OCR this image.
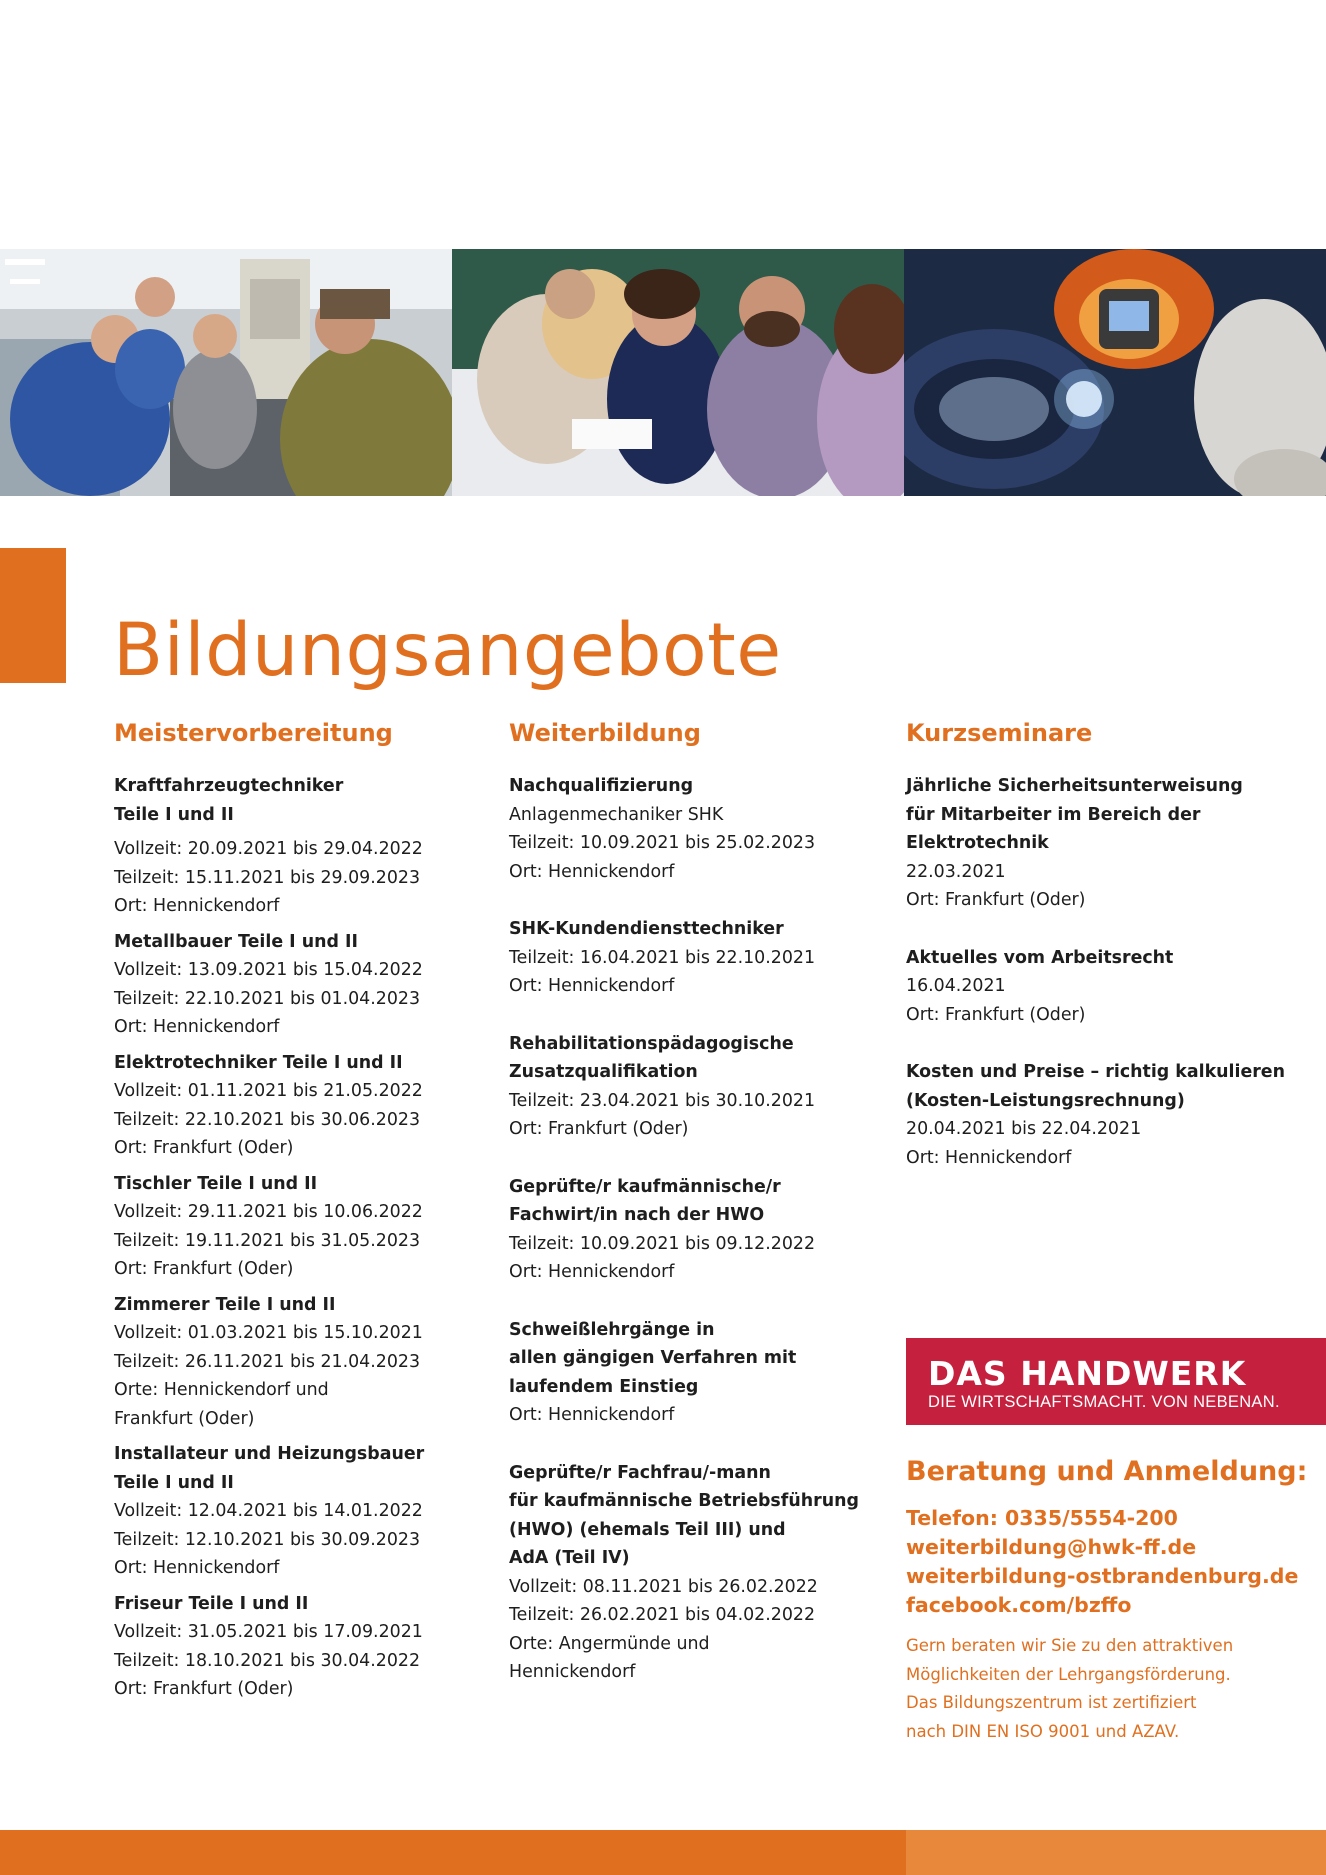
Bildungsangebote
Meistervorbereitung
Kraftfahrzeugtechniker
Teile I und II
Vollzeit: 20.09.2021 bis 29.04.2022
Teilzeit: 15.11.2021 bis 29.09.2023
Ort: Hennickendorf
Metallbauer Teile I und II
Vollzeit: 13.09.2021 bis 15.04.2022
Teilzeit: 22.10.2021 bis 01.04.2023
Ort: Hennickendorf
Elektrotechniker Teile I und II
Vollzeit: 01.11.2021 bis 21.05.2022
Teilzeit: 22.10.2021 bis 30.06.2023
Ort: Frankfurt (Oder)
Tischler Teile I und II
Vollzeit: 29.11.2021 bis 10.06.2022
Teilzeit: 19.11.2021 bis 31.05.2023
Ort: Frankfurt (Oder)
Zimmerer Teile I und II
Vollzeit: 01.03.2021 bis 15.10.2021
Teilzeit: 26.11.2021 bis 21.04.2023
Orte: Hennickendorf und
Frankfurt (Oder)
Installateur und Heizungsbauer
Teile I und II
Vollzeit: 12.04.2021 bis 14.01.2022
Teilzeit: 12.10.2021 bis 30.09.2023
Ort: Hennickendorf
Friseur Teile I und II
Vollzeit: 31.05.2021 bis 17.09.2021
Teilzeit: 18.10.2021 bis 30.04.2022
Ort: Frankfurt (Oder)
Weiterbildung
Nachqualifizierung
Anlagenmechaniker SHK
Teilzeit: 10.09.2021 bis 25.02.2023
Ort: Hennickendorf
SHK-Kundendiensttechniker
Teilzeit: 16.04.2021 bis 22.10.2021
Ort: Hennickendorf
Rehabilitationspädagogische
Zusatzqualifikation
Teilzeit: 23.04.2021 bis 30.10.2021
Ort: Frankfurt (Oder)
Geprüfte/r kaufmännische/r
Fachwirt/in nach der HWO
Teilzeit: 10.09.2021 bis 09.12.2022
Ort: Hennickendorf
Schweißlehrgänge in
allen gängigen Verfahren mit
laufendem Einstieg
Ort: Hennickendorf
Geprüfte/r Fachfrau/-mann
für kaufmännische Betriebsführung
(HWO) (ehemals Teil III) und
AdA (Teil IV)
Vollzeit: 08.11.2021 bis 26.02.2022
Teilzeit: 26.02.2021 bis 04.02.2022
Orte: Angermünde und
Hennickendorf
Kurzseminare
Jährliche Sicherheitsunterweisung
für Mitarbeiter im Bereich der
Elektrotechnik
22.03.2021
Ort: Frankfurt (Oder)
Aktuelles vom Arbeitsrecht
16.04.2021
Ort: Frankfurt (Oder)
Kosten und Preise – richtig kalkulieren
(Kosten-Leistungsrechnung)
20.04.2021 bis 22.04.2021
Ort: Hennickendorf
DAS HANDWERK
DIE WIRTSCHAFTSMACHT. VON NEBENAN.
Beratung und Anmeldung:
Telefon: 0335/5554-200
weiterbildung@hwk-ff.de
weiterbildung-ostbrandenburg.de
facebook.com/bzffo
Gern beraten wir Sie zu den attraktiven
Möglichkeiten der Lehrgangsförderung.
Das Bildungszentrum ist zertifiziert
nach DIN EN ISO 9001 und AZAV.
